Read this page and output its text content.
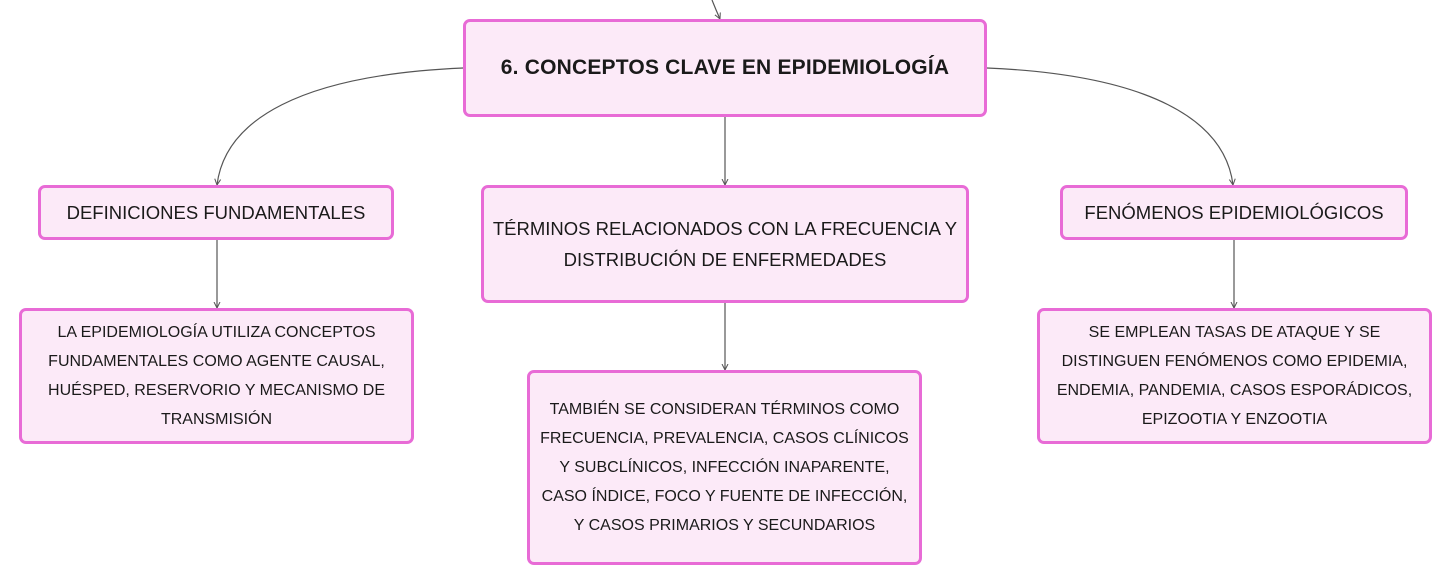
6. CONCEPTOS CLAVE EN EPIDEMIOLOGÍA
DEFINICIONES FUNDAMENTALES
TÉRMINOS RELACIONADOS CON LA FRECUENCIA Y DISTRIBUCIÓN DE ENFERMEDADES
FENÓMENOS EPIDEMIOLÓGICOS
LA EPIDEMIOLOGÍA UTILIZA CONCEPTOS FUNDAMENTALES COMO AGENTE CAUSAL, HUÉSPED, RESERVORIO Y MECANISMO DE TRANSMISIÓN
TAMBIÉN SE CONSIDERAN TÉRMINOS COMO FRECUENCIA, PREVALENCIA, CASOS CLÍNICOS Y SUBCLÍNICOS, INFECCIÓN INAPARENTE, CASO ÍNDICE, FOCO Y FUENTE DE INFECCIÓN, Y CASOS PRIMARIOS Y SECUNDARIOS
SE EMPLEAN TASAS DE ATAQUE Y SE DISTINGUEN FENÓMENOS COMO EPIDEMIA, ENDEMIA, PANDEMIA, CASOS ESPORÁDICOS, EPIZOOTIA Y ENZOOTIA
